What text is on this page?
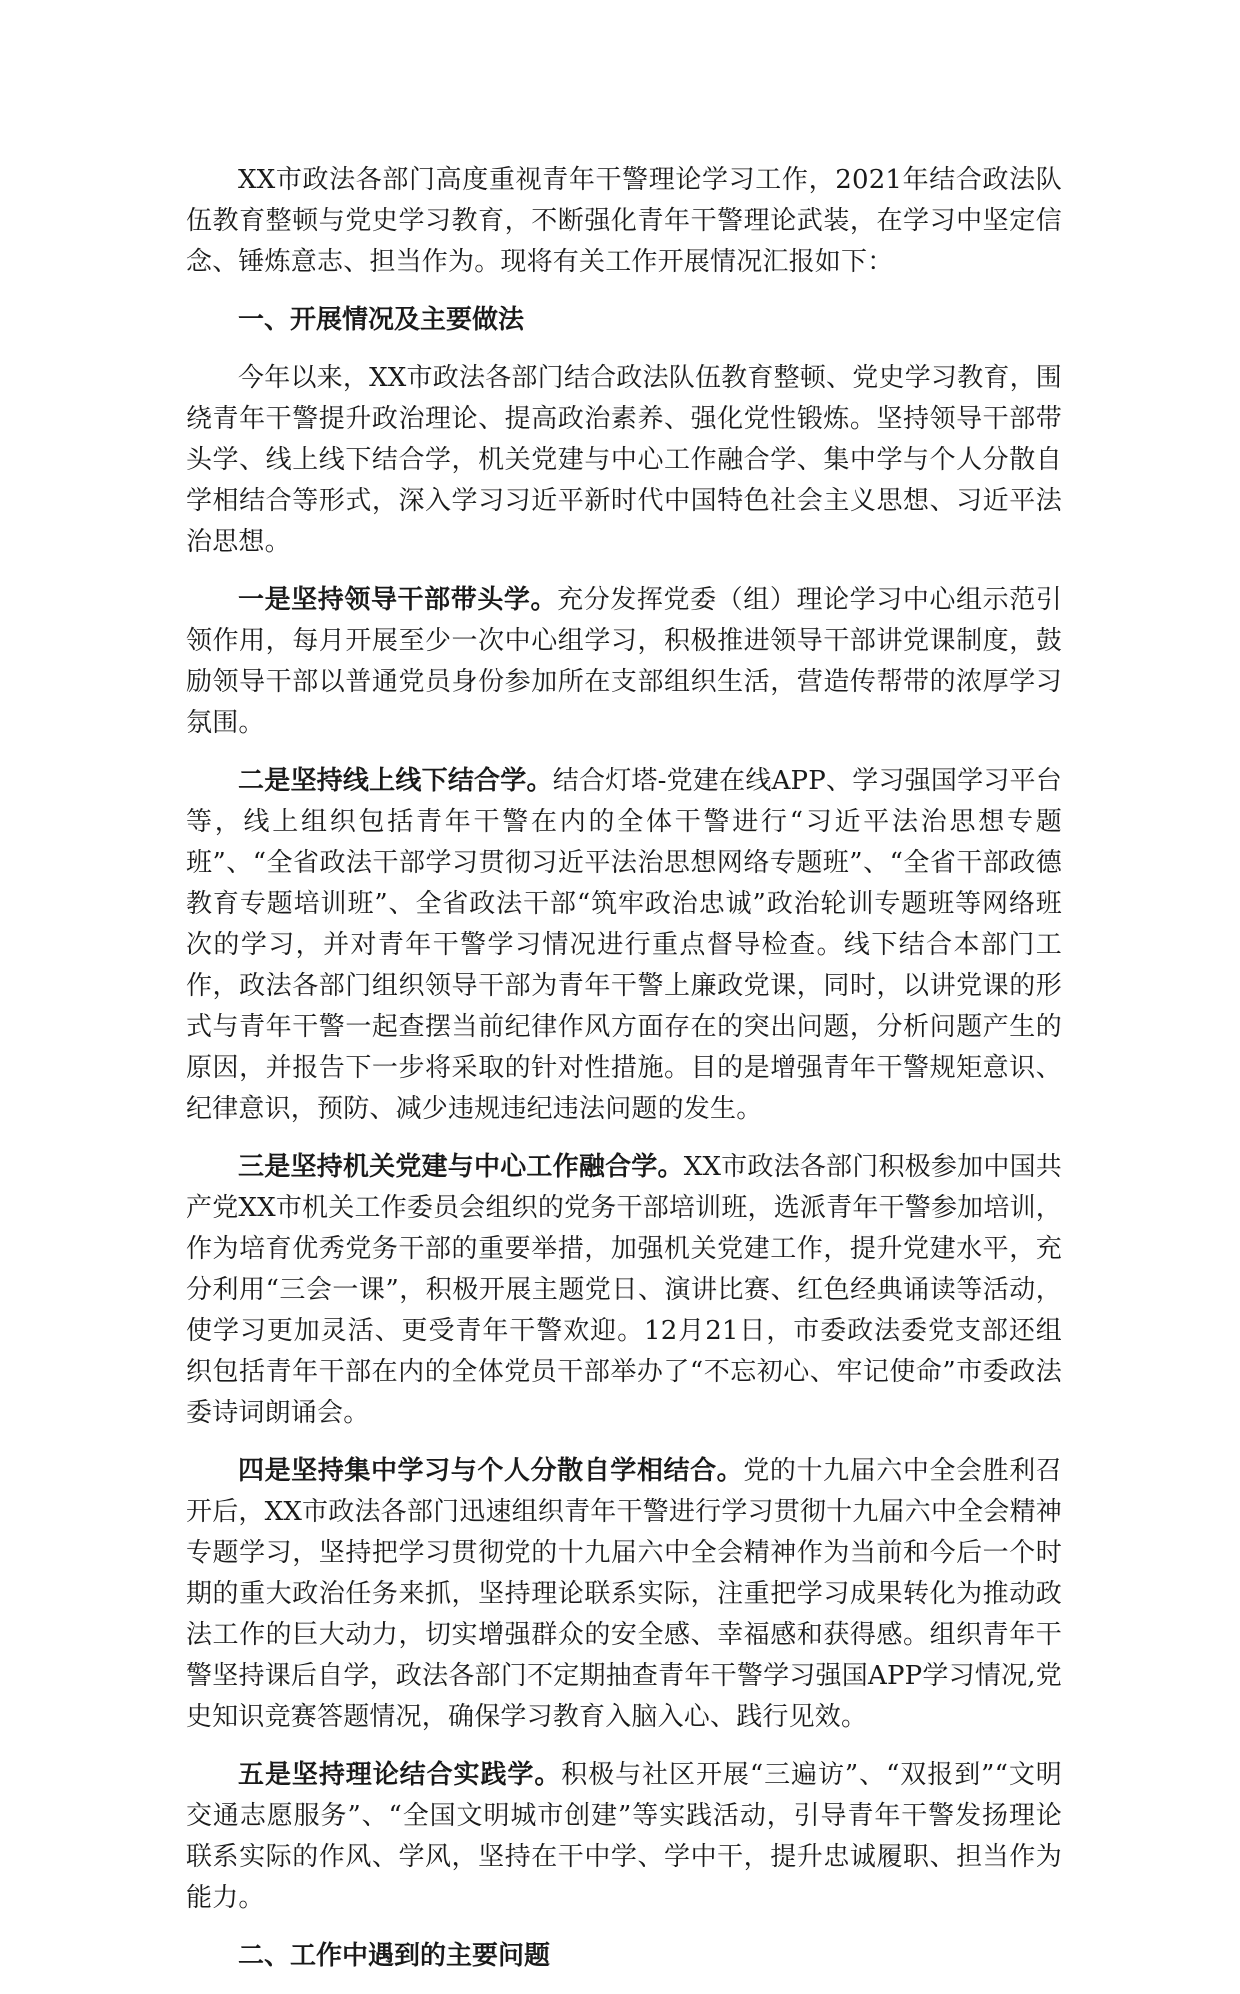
XX市政法各部门高度重视青年干警理论学习工作，2021年结合政法队伍教育整顿与党史学习教育，不断强化青年干警理论武装，在学习中坚定信念、锤炼意志、担当作为。现将有关工作开展情况汇报如下：

一、开展情况及主要做法

今年以来，XX市政法各部门结合政法队伍教育整顿、党史学习教育，围绕青年干警提升政治理论、提高政治素养、强化党性锻炼。坚持领导干部带头学、线上线下结合学，机关党建与中心工作融合学、集中学与个人分散自学相结合等形式，深入学习习近平新时代中国特色社会主义思想、习近平法治思想。

一是坚持领导干部带头学。充分发挥党委（组）理论学习中心组示范引领作用，每月开展至少一次中心组学习，积极推进领导干部讲党课制度，鼓励领导干部以普通党员身份参加所在支部组织生活，营造传帮带的浓厚学习氛围。

二是坚持线上线下结合学。结合灯塔-党建在线APP、学习强国学习平台等，线上组织包括青年干警在内的全体干警进行“习近平法治思想专题班”、“全省政法干部学习贯彻习近平法治思想网络专题班”、“全省干部政德教育专题培训班”、全省政法干部“筑牢政治忠诚”政治轮训专题班等网络班次的学习，并对青年干警学习情况进行重点督导检查。线下结合本部门工作，政法各部门组织领导干部为青年干警上廉政党课，同时，以讲党课的形式与青年干警一起查摆当前纪律作风方面存在的突出问题，分析问题产生的原因，并报告下一步将采取的针对性措施。目的是增强青年干警规矩意识、纪律意识，预防、减少违规违纪违法问题的发生。

三是坚持机关党建与中心工作融合学。XX市政法各部门积极参加中国共产党XX市机关工作委员会组织的党务干部培训班，选派青年干警参加培训，作为培育优秀党务干部的重要举措，加强机关党建工作，提升党建水平，充分利用“三会一课”，积极开展主题党日、演讲比赛、红色经典诵读等活动，使学习更加灵活、更受青年干警欢迎。12月21日，市委政法委党支部还组织包括青年干部在内的全体党员干部举办了“不忘初心、牢记使命”市委政法委诗词朗诵会。

四是坚持集中学习与个人分散自学相结合。党的十九届六中全会胜利召开后，XX市政法各部门迅速组织青年干警进行学习贯彻十九届六中全会精神专题学习，坚持把学习贯彻党的十九届六中全会精神作为当前和今后一个时期的重大政治任务来抓，坚持理论联系实际，注重把学习成果转化为推动政法工作的巨大动力，切实增强群众的安全感、幸福感和获得感。组织青年干警坚持课后自学，政法各部门不定期抽查青年干警学习强国APP学习情况,党史知识竞赛答题情况，确保学习教育入脑入心、践行见效。

五是坚持理论结合实践学。积极与社区开展“三遍访”、“双报到”“文明交通志愿服务”、“全国文明城市创建”等实践活动，引导青年干警发扬理论联系实际的作风、学风，坚持在干中学、学中干，提升忠诚履职、担当作为能力。

二、工作中遇到的主要问题
